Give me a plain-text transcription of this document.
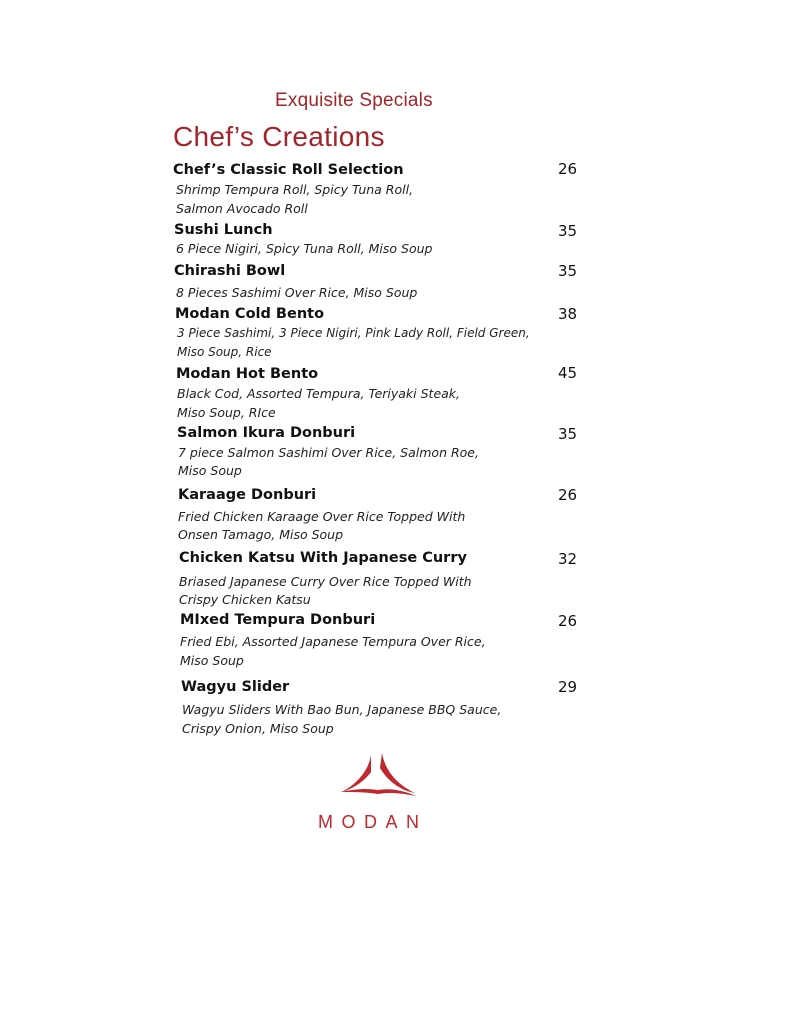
Exquisite Specials
Chef’s Creations
Chef’s Classic Roll Selection	26
Shrimp Tempura Roll, Spicy Tuna Roll,
Salmon Avocado Roll
Sushi Lunch	35
6 Piece Nigiri, Spicy Tuna Roll, Miso Soup
Chirashi Bowl	35
8 Pieces Sashimi Over Rice, Miso Soup
Modan Cold Bento	38
3 Piece Sashimi, 3 Piece Nigiri, Pink Lady Roll, Field Green,
Miso Soup, Rice
Modan Hot Bento	45
Black Cod, Assorted Tempura, Teriyaki Steak,
Miso Soup, RIce
Salmon Ikura Donburi	35
7 piece Salmon Sashimi Over Rice, Salmon Roe,
Miso Soup
Karaage Donburi	26
Fried Chicken Karaage Over Rice Topped With
Onsen Tamago, Miso Soup
Chicken Katsu With Japanese Curry	32
Briased Japanese Curry Over Rice Topped With
Crispy Chicken Katsu
MIxed Tempura Donburi	26
Fried Ebi, Assorted Japanese Tempura Over Rice,
Miso Soup
Wagyu Slider	29
Wagyu Sliders With Bao Bun, Japanese BBQ Sauce,
Crispy Onion, Miso Soup
MODAN
